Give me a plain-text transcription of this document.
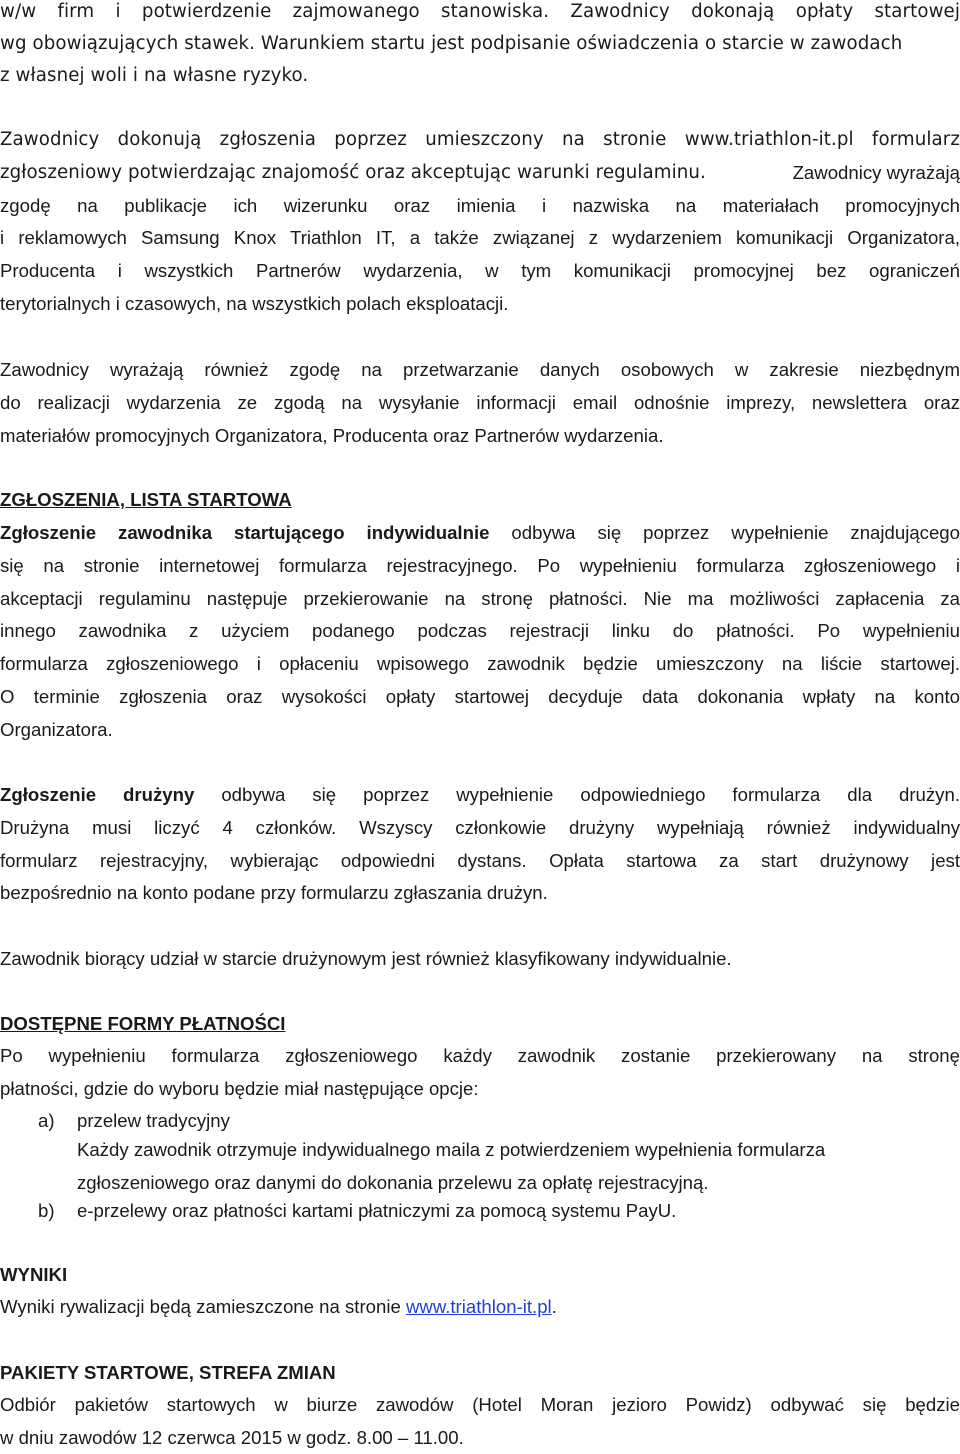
w/w firm i potwierdzenie zajmowanego stanowiska. Zawodnicy dokonają opłaty startowej

wg obowiązujących stawek. Warunkiem startu jest podpisanie oświadczenia o starcie w zawodach

z własnej woli i na własne ryzyko.

Zawodnicy dokonują zgłoszenia poprzez umieszczony na stronie www.triathlon-it.pl formularz

zgłoszeniowy potwierdzając znajomość oraz akceptując warunki regulaminu.	Zawodnicy wyrażają

zgodę na publikacje ich wizerunku oraz imienia i nazwiska na materiałach promocyjnych

i reklamowych Samsung Knox Triathlon IT, a także związanej z wydarzeniem komunikacji Organizatora,

Producenta i wszystkich Partnerów wydarzenia, w tym komunikacji promocyjnej bez ograniczeń

terytorialnych i czasowych, na wszystkich polach eksploatacji.

Zawodnicy wyrażają również zgodę na przetwarzanie danych osobowych w zakresie niezbędnym

do realizacji wydarzenia ze zgodą na wysyłanie informacji email odnośnie imprezy, newslettera oraz

materiałów promocyjnych Organizatora, Producenta oraz Partnerów wydarzenia.

ZGŁOSZENIA, LISTA STARTOWA

Zgłoszenie zawodnika startującego indywidualnie odbywa się poprzez wypełnienie znajdującego

się na stronie internetowej formularza rejestracyjnego. Po wypełnieniu formularza zgłoszeniowego i

akceptacji regulaminu następuje przekierowanie na stronę płatności. Nie ma możliwości zapłacenia za

innego zawodnika z użyciem podanego podczas rejestracji linku do płatności. Po wypełnieniu

formularza zgłoszeniowego i opłaceniu wpisowego zawodnik będzie umieszczony na liście startowej.

O terminie zgłoszenia oraz wysokości opłaty startowej decyduje data dokonania wpłaty na konto

Organizatora.

Zgłoszenie drużyny odbywa się poprzez wypełnienie odpowiedniego formularza dla drużyn.

Drużyna musi liczyć 4 członków. Wszyscy członkowie drużyny wypełniają również indywidualny

formularz rejestracyjny, wybierając odpowiedni dystans. Opłata startowa za start drużynowy jest

bezpośrednio na konto podane przy formularzu zgłaszania drużyn.

Zawodnik biorący udział w starcie drużynowym jest również klasyfikowany indywidualnie.

DOSTĘPNE FORMY PŁATNOŚCI

Po wypełnieniu formularza zgłoszeniowego każdy zawodnik zostanie przekierowany na stronę

płatności, gdzie do wyboru będzie miał następujące opcje:

a) przelew tradycyjny

Każdy zawodnik otrzymuje indywidualnego maila z potwierdzeniem wypełnienia formularza

zgłoszeniowego oraz danymi do dokonania przelewu za opłatę rejestracyjną.

b) e-przelewy oraz płatności kartami płatniczymi za pomocą systemu PayU.

WYNIKI

Wyniki rywalizacji będą zamieszczone na stronie www.triathlon-it.pl.

PAKIETY STARTOWE, STREFA ZMIAN

Odbiór pakietów startowych w biurze zawodów (Hotel Moran jezioro Powidz) odbywać się będzie

w dniu zawodów 12 czerwca 2015 w godz. 8.00 – 11.00.
